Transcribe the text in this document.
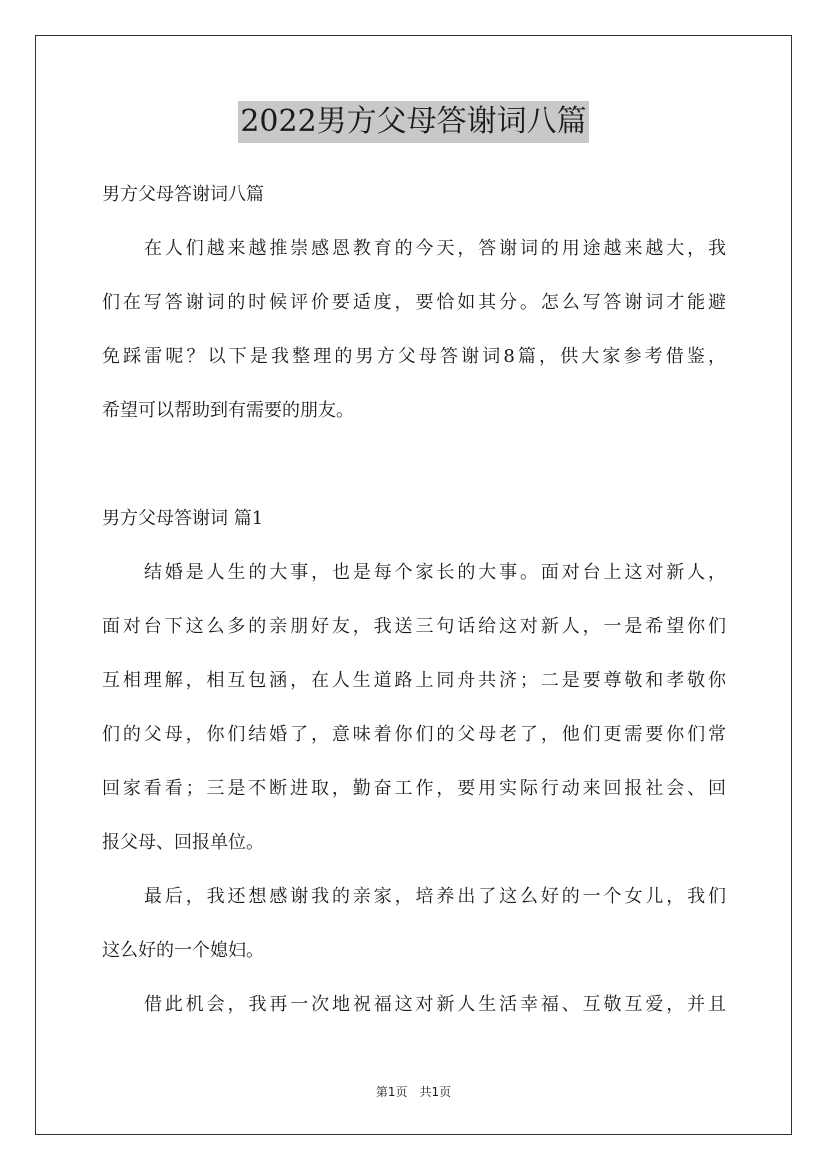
2022男方父母答谢词八篇
男方父母答谢词八篇
在人们越来越推崇感恩教育的今天，答谢词的用途越来越大，我
们在写答谢词的时候评价要适度，要恰如其分。怎么写答谢词才能避
免踩雷呢？以下是我整理的男方父母答谢词8篇，供大家参考借鉴，
希望可以帮助到有需要的朋友。
男方父母答谢词 篇1
结婚是人生的大事，也是每个家长的大事。面对台上这对新人，
面对台下这么多的亲朋好友，我送三句话给这对新人，一是希望你们
互相理解，相互包涵，在人生道路上同舟共济；二是要尊敬和孝敬你
们的父母，你们结婚了，意味着你们的父母老了，他们更需要你们常
回家看看；三是不断进取，勤奋工作，要用实际行动来回报社会、回
报父母、回报单位。
最后，我还想感谢我的亲家，培养出了这么好的一个女儿，我们
这么好的一个媳妇。
借此机会，我再一次地祝福这对新人生活幸福、互敬互爱，并且
第1页　共1页
